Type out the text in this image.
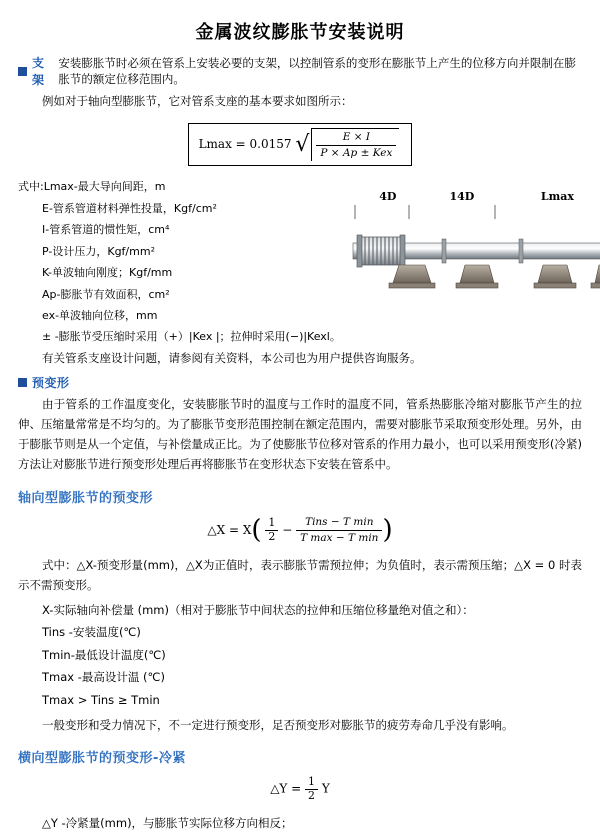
金属波纹膨胀节安装说明
支架
安装膨胀节时必须在管系上安装必要的支架，以控制管系的变形在膨胀节上产生的位移方向并限制在膨胀节的额定位移范围内。

例如对于轴向型膨胀节，它对管系支座的基本要求如图所示：

Lmax = 0.0157 √ $\frac{E \times I}{\text{P × Ap ± Kex}}$
式中:Lmax-最大导向间距，m
E-管系管道材料弹性投量，Kgf/cm²
I-管系管道的惯性矩，cm⁴
P-设计压力，Kgf/mm²
K-单波轴向刚度；Kgf/mm
Ap-膨胀节有效面积，cm²
ex-单波轴向位移，mm
± -膨胀节受压缩时采用（+）|Kex |；拉伸时采用(−)|Kexl。
4D	14D	Lmax

有关管系支座设计问题，请参阅有关资料，本公司也为用户提供咨询服务。

预变形

由于管系的工作温度变化，安装膨胀节时的温度与工作时的温度不同，管系热膨胀冷缩对膨胀节产生的拉伸、压缩量常常是不均匀的。为了膨胀节变形范围控制在额定范围内，需要对膨胀节采取预变形处理。另外，由于膨胀节则是从一个定值，与补偿量成正比。为了使膨胀节位移对管系的作用力最小，也可以采用预变形(冷紧)方法让对膨胀节进行预变形处理后再将膨胀节在变形状态下安装在管系中。

轴向型膨胀节的预变形
△X = $X( \frac{1}{2} - \frac{\text{Tins − T min}}{\text{T max − T min}}$ )

式中：△X-预变形量(mm)，△X为正值时，表示膨胀节需预拉伸；为负值时，表示需预压缩；△X = 0 时表示不需预变形。

X-实际轴向补偿量 (mm)（相对于膨胀节中间状态的拉伸和压缩位移量绝对值之和）：
Tins -安装温度(℃)
Tmin-最低设计温度(℃)
Tmax -最高设计温 (℃)
Tmax > Tins ≥ Tmin

一般变形和受力情况下，不一定进行预变形，足否预变形对膨胀节的疲劳寿命几乎没有影响。

横向型膨胀节的预变形-冷紧
△Y = $\frac{1}{2}$ Y

△Y -冷紧量(mm)，与膨胀节实际位移方向相反；
